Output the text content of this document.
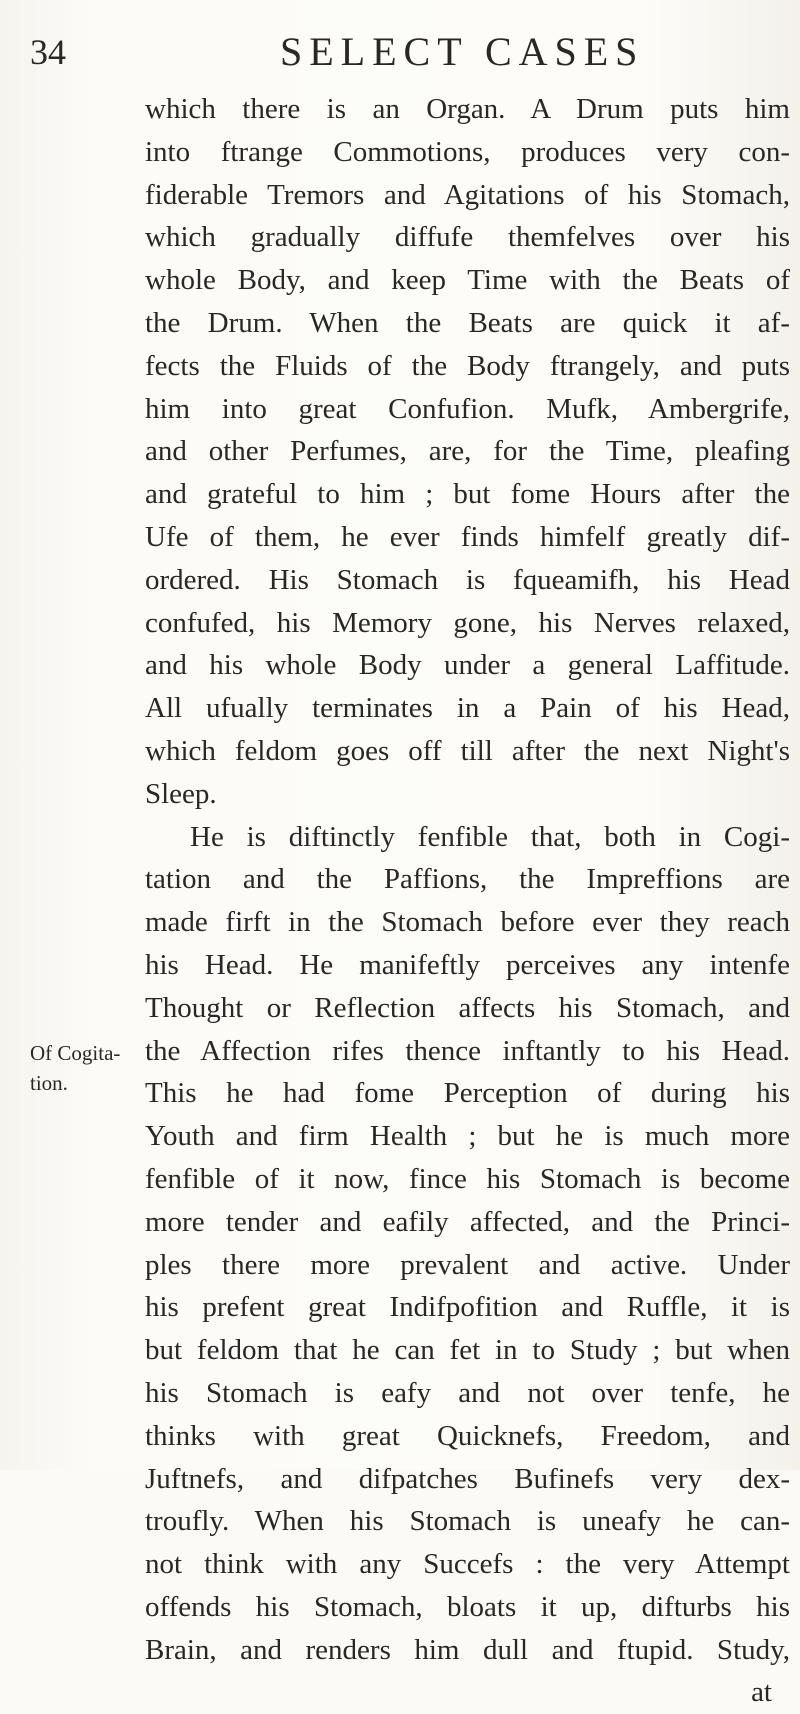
34	SELECT CASES
Of Cogita-
tion.
which there is an Organ. A Drum puts him
into ftrange Commotions, produces very con-
fiderable Tremors and Agitations of his Stomach,
which gradually diffufe themfelves over his
whole Body, and keep Time with the Beats of
the Drum. When the Beats are quick it af-
fects the Fluids of the Body ftrangely, and puts
him into great Confufion. Mufk, Ambergrife,
and other Perfumes, are, for the Time, pleafing
and grateful to him ; but fome Hours after the
Ufe of them, he ever finds himfelf greatly dif-
ordered. His Stomach is fqueamifh, his Head
confufed, his Memory gone, his Nerves relaxed,
and his whole Body under a general Laffitude.
All ufually terminates in a Pain of his Head,
which feldom goes off till after the next Night's
Sleep.
He is diftinctly fenfible that, both in Cogi-
tation and the Paffions, the Impreffions are
made firft in the Stomach before ever they reach
his Head. He manifeftly perceives any intenfe
Thought or Reflection affects his Stomach, and
the Affection rifes thence inftantly to his Head.
This he had fome Perception of during his
Youth and firm Health ; but he is much more
fenfible of it now, fince his Stomach is become
more tender and eafily affected, and the Princi-
ples there more prevalent and active. Under
his prefent great Indifpofition and Ruffle, it is
but feldom that he can fet in to Study ; but when
his Stomach is eafy and not over tenfe, he
thinks with great Quicknefs, Freedom, and
Juftnefs, and difpatches Bufinefs very dex-
troufly. When his Stomach is uneafy he can-
not think with any Succefs : the very Attempt
offends his Stomach, bloats it up, difturbs his
Brain, and renders him dull and ftupid. Study,
at
